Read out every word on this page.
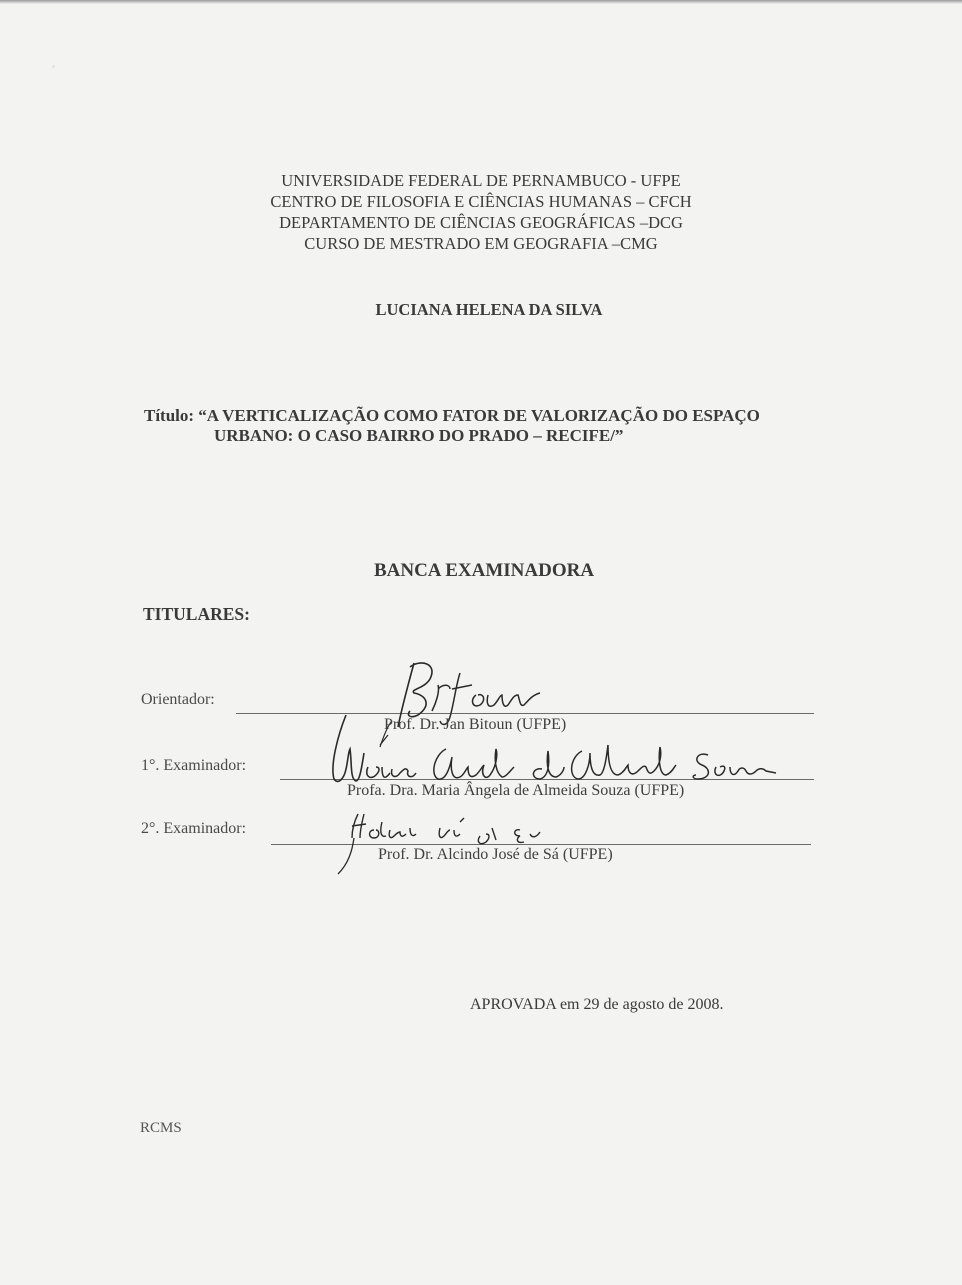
◦
UNIVERSIDADE FEDERAL DE PERNAMBUCO - UFPE
CENTRO DE FILOSOFIA E CIÊNCIAS HUMANAS – CFCH
DEPARTAMENTO DE CIÊNCIAS GEOGRÁFICAS –DCG
CURSO DE MESTRADO EM GEOGRAFIA –CMG
LUCIANA HELENA DA SILVA
Título: “A VERTICALIZAÇÃO COMO FATOR DE VALORIZAÇÃO DO ESPAÇO
URBANO: O CASO BAIRRO DO PRADO – RECIFE/”
BANCA EXAMINADORA
TITULARES:
Orientador:
Prof. Dr. Jan Bitoun (UFPE)
1°. Examinador:
Profa. Dra. Maria Ângela de Almeida Souza (UFPE)
2°. Examinador:
Prof. Dr. Alcindo José de Sá (UFPE)
APROVADA em 29 de agosto de 2008.
RCMS
